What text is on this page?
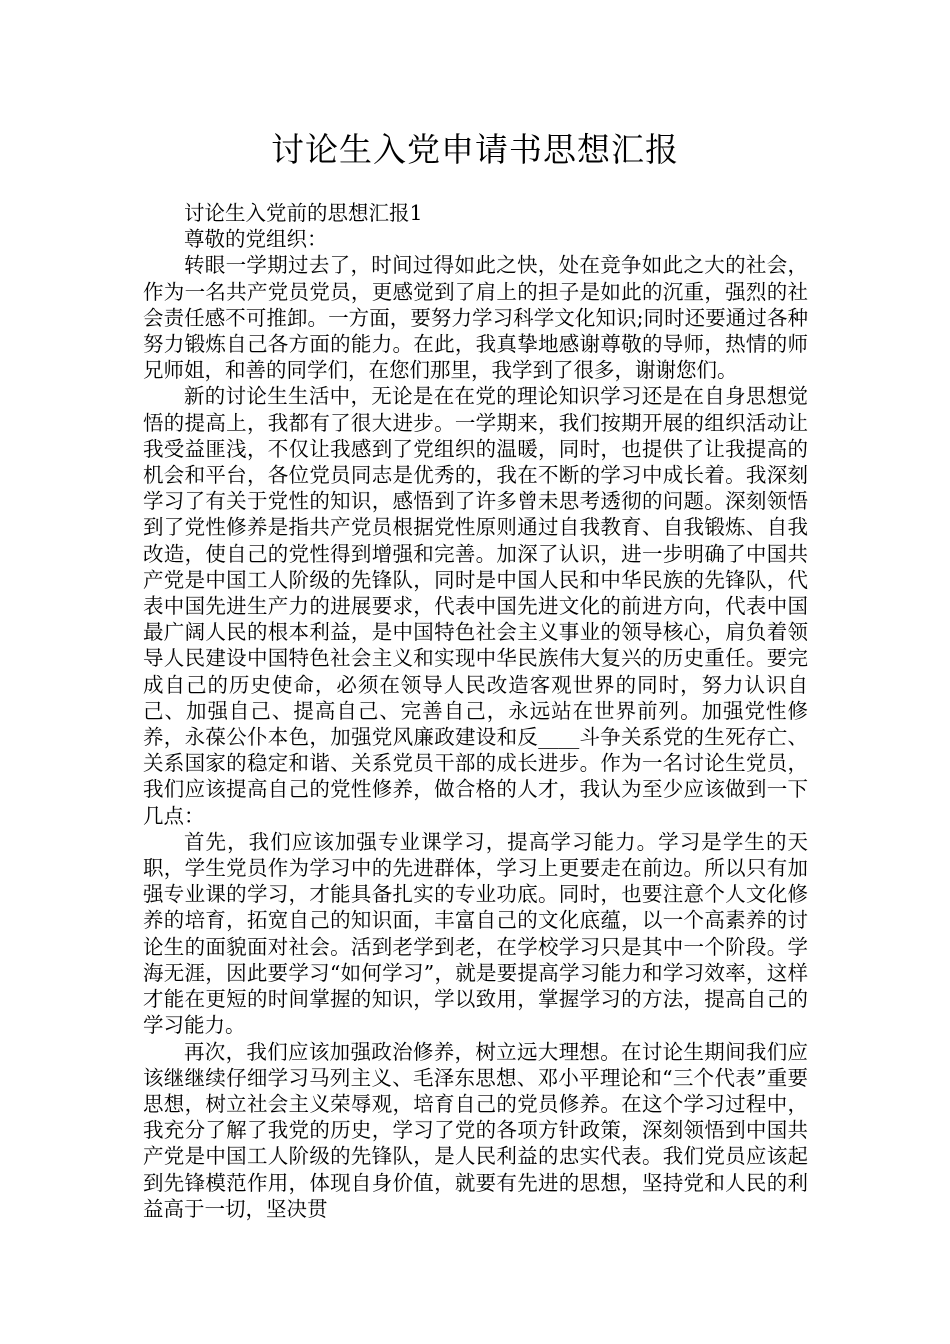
讨论生入党申请书思想汇报

讨论生入党前的思想汇报1

尊敬的党组织：

转眼一学期过去了，时间过得如此之快，处在竞争如此之大的社会，作为一名共产党员党员，更感觉到了肩上的担子是如此的沉重，强烈的社会责任感不可推卸。一方面，要努力学习科学文化知识;同时还要通过各种努力锻炼自己各方面的能力。在此，我真挚地感谢尊敬的导师，热情的师兄师姐，和善的同学们，在您们那里，我学到了很多，谢谢您们。

新的讨论生生活中，无论是在在党的理论知识学习还是在自身思想觉悟的提高上，我都有了很大进步。一学期来，我们按期开展的组织活动让我受益匪浅，不仅让我感到了党组织的温暖，同时，也提供了让我提高的机会和平台，各位党员同志是优秀的，我在不断的学习中成长着。我深刻学习了有关于党性的知识，感悟到了许多曾未思考透彻的问题。深刻领悟到了党性修养是指共产党员根据党性原则通过自我教育、自我锻炼、自我改造，使自己的党性得到增强和完善。加深了认识，进一步明确了中国共产党是中国工人阶级的先锋队，同时是中国人民和中华民族的先锋队，代表中国先进生产力的进展要求，代表中国先进文化的前进方向，代表中国最广阔人民的根本利益，是中国特色社会主义事业的领导核心，肩负着领导人民建设中国特色社会主义和实现中华民族伟大复兴的历史重任。要完成自己的历史使命，必须在领导人民改造客观世界的同时，努力认识自己、加强自己、提高自己、完善自己，永远站在世界前列。加强党性修养，永葆公仆本色，加强党风廉政建设和反____斗争关系党的生死存亡、关系国家的稳定和谐、关系党员干部的成长进步。作为一名讨论生党员，我们应该提高自己的党性修养，做合格的人才，我认为至少应该做到一下几点：

首先，我们应该加强专业课学习，提高学习能力。学习是学生的天职，学生党员作为学习中的先进群体，学习上更要走在前边。所以只有加强专业课的学习，才能具备扎实的专业功底。同时，也要注意个人文化修养的培育，拓宽自己的知识面，丰富自己的文化底蕴，以一个高素养的讨论生的面貌面对社会。活到老学到老，在学校学习只是其中一个阶段。学海无涯，因此要学习“如何学习”，就是要提高学习能力和学习效率，这样才能在更短的时间掌握的知识，学以致用，掌握学习的方法，提高自己的学习能力。

再次，我们应该加强政治修养，树立远大理想。在讨论生期间我们应该继继续仔细学习马列主义、毛泽东思想、邓小平理论和“三个代表”重要思想，树立社会主义荣辱观，培育自己的党员修养。在这个学习过程中，我充分了解了我党的历史，学习了党的各项方针政策，深刻领悟到中国共产党是中国工人阶级的先锋队，是人民利益的忠实代表。我们党员应该起到先锋模范作用，体现自身价值，就要有先进的思想，坚持党和人民的利益高于一切，坚决贯
